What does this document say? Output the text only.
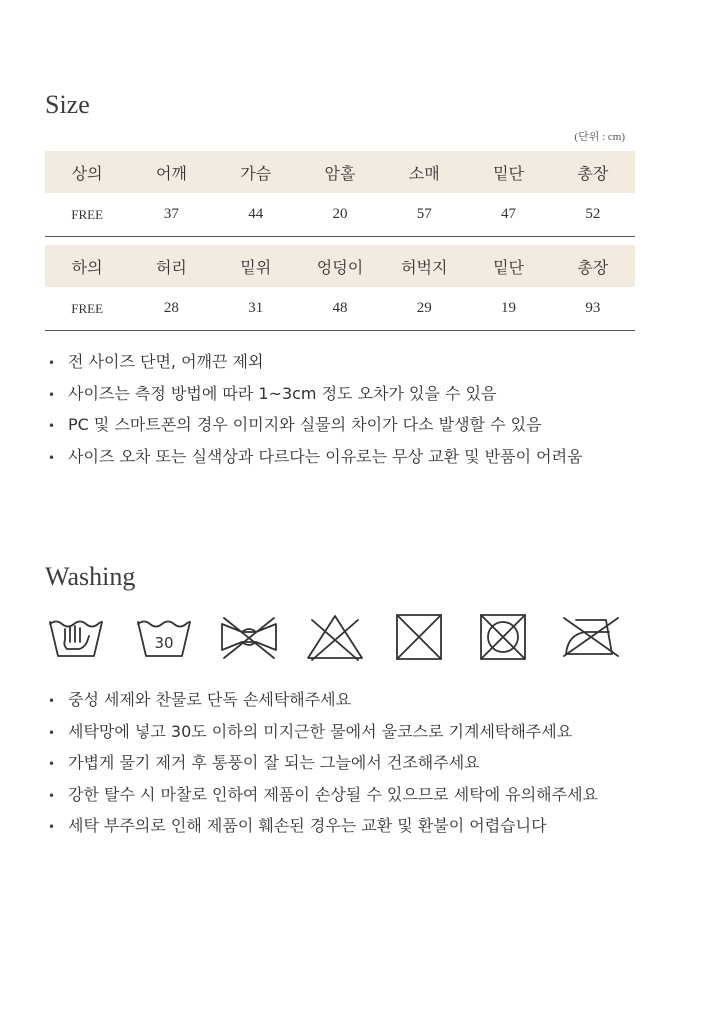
Size
(단위 : cm)
상의	어깨	가슴	암홀	소매	밑단	총장
FREE	37	44	20	57	47	52
하의	허리	밑위	엉덩이	허벅지	밑단	총장
FREE	28	31	48	29	19	93
• 전 사이즈 단면, 어깨끈 제외
• 사이즈는 측정 방법에 따라 1~3cm 정도 오차가 있을 수 있음
• PC 및 스마트폰의 경우 이미지와 실물의 차이가 다소 발생할 수 있음
• 사이즈 오차 또는 실색상과 다르다는 이유로는 무상 교환 및 반품이 어려움
Washing
30
• 중성 세제와 찬물로 단독 손세탁해주세요
• 세탁망에 넣고 30도 이하의 미지근한 물에서 울코스로 기계세탁해주세요
• 가볍게 물기 제거 후 통풍이 잘 되는 그늘에서 건조해주세요
• 강한 탈수 시 마찰로 인하여 제품이 손상될 수 있으므로 세탁에 유의해주세요
• 세탁 부주의로 인해 제품이 훼손된 경우는 교환 및 환불이 어렵습니다
